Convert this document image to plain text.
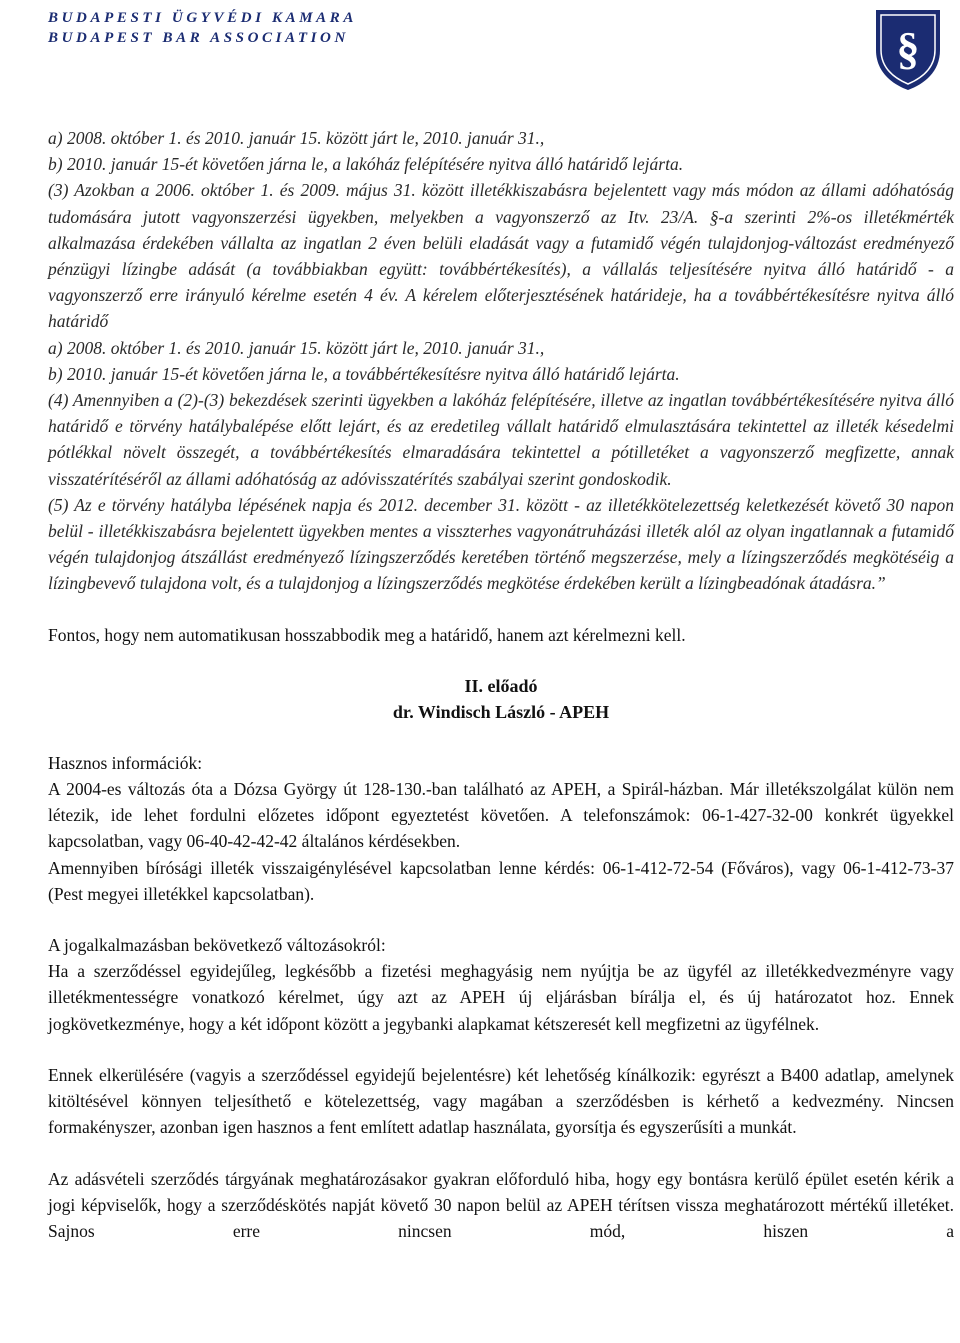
BUDAPESTI ÜGYVÉDI KAMARA
BUDAPEST BAR ASSOCIATION	§

a) 2008. október 1. és 2010. január 15. között járt le, 2010. január 31.,

b) 2010. január 15-ét követően járna le, a lakóház felépítésére nyitva álló határidő lejárta.

(3) Azokban a 2006. október 1. és 2009. május 31. között illetékkiszabásra bejelentett vagy más módon az állami adóhatóság tudomására jutott vagyonszerzési ügyekben, melyekben a vagyonszerző az Itv. 23/A. §-a szerinti 2%-os illetékmérték alkalmazása érdekében vállalta az ingatlan 2 éven belüli eladását vagy a futamidő végén tulajdonjog-változást eredményező pénzügyi lízingbe adását (a továbbiakban együtt: továbbértékesítés), a vállalás teljesítésére nyitva álló határidő - a vagyonszerző erre irányuló kérelme esetén 4 év. A kérelem előterjesztésének határideje, ha a továbbértékesítésre nyitva álló határidő

a) 2008. október 1. és 2010. január 15. között járt le, 2010. január 31.,

b) 2010. január 15-ét követően járna le, a továbbértékesítésre nyitva álló határidő lejárta.

(4) Amennyiben a (2)-(3) bekezdések szerinti ügyekben a lakóház felépítésére, illetve az ingatlan továbbértékesítésére nyitva álló határidő e törvény hatálybalépése előtt lejárt, és az eredetileg vállalt határidő elmulasztására tekintettel az illeték késedelmi pótlékkal növelt összegét, a továbbértékesítés elmaradására tekintettel a pótilletéket a vagyonszerző megfizette, annak visszatérítéséről az állami adóhatóság az adóvisszatérítés szabályai szerint gondoskodik.

(5) Az e törvény hatályba lépésének napja és 2012. december 31. között - az illetékkötelezettség keletkezését követő 30 napon belül - illetékkiszabásra bejelentett ügyekben mentes a visszterhes vagyonátruházási illeték alól az olyan ingatlannak a futamidő végén tulajdonjog átszállást eredményező lízingszerződés keretében történő megszerzése, mely a lízingszerződés megkötéséig a lízingbevevő tulajdona volt, és a tulajdonjog a lízingszerződés megkötése érdekében került a lízingbeadónak átadásra.”

Fontos, hogy nem automatikusan hosszabbodik meg a határidő, hanem azt kérelmezni kell.

II. előadó

dr. Windisch László - APEH

Hasznos információk:

A 2004-es változás óta a Dózsa György út 128-130.-ban található az APEH, a Spirál-házban. Már illetékszolgálat külön nem létezik, ide lehet fordulni előzetes időpont egyeztetést követően. A telefonszámok: 06-1-427-32-00 konkrét ügyekkel kapcsolatban, vagy 06-40-42-42-42 általános kérdésekben.

Amennyiben bírósági illeték visszaigénylésével kapcsolatban lenne kérdés: 06-1-412-72-54 (Főváros), vagy 06-1-412-73-37 (Pest megyei illetékkel kapcsolatban).

A jogalkalmazásban bekövetkező változásokról:

Ha a szerződéssel egyidejűleg, legkésőbb a fizetési meghagyásig nem nyújtja be az ügyfél az illetékkedvezményre vagy illetékmentességre vonatkozó kérelmet, úgy azt az APEH új eljárásban bírálja el, és új határozatot hoz. Ennek jogkövetkezménye, hogy a két időpont között a jegybanki alapkamat kétszeresét kell megfizetni az ügyfélnek.

Ennek elkerülésére (vagyis a szerződéssel egyidejű bejelentésre) két lehetőség kínálkozik: egyrészt a B400 adatlap, amelynek kitöltésével könnyen teljesíthető e kötelezettség, vagy magában a szerződésben is kérhető a kedvezmény. Nincsen formakényszer, azonban igen hasznos a fent említett adatlap használata, gyorsítja és egyszerűsíti a munkát.

Az adásvételi szerződés tárgyának meghatározásakor gyakran előforduló hiba, hogy egy bontásra kerülő épület esetén kérik a jogi képviselők, hogy a szerződéskötés napját követő 30 napon belül az APEH térítsen vissza meghatározott mértékű illetéket. Sajnos erre nincsen mód, hiszen a
